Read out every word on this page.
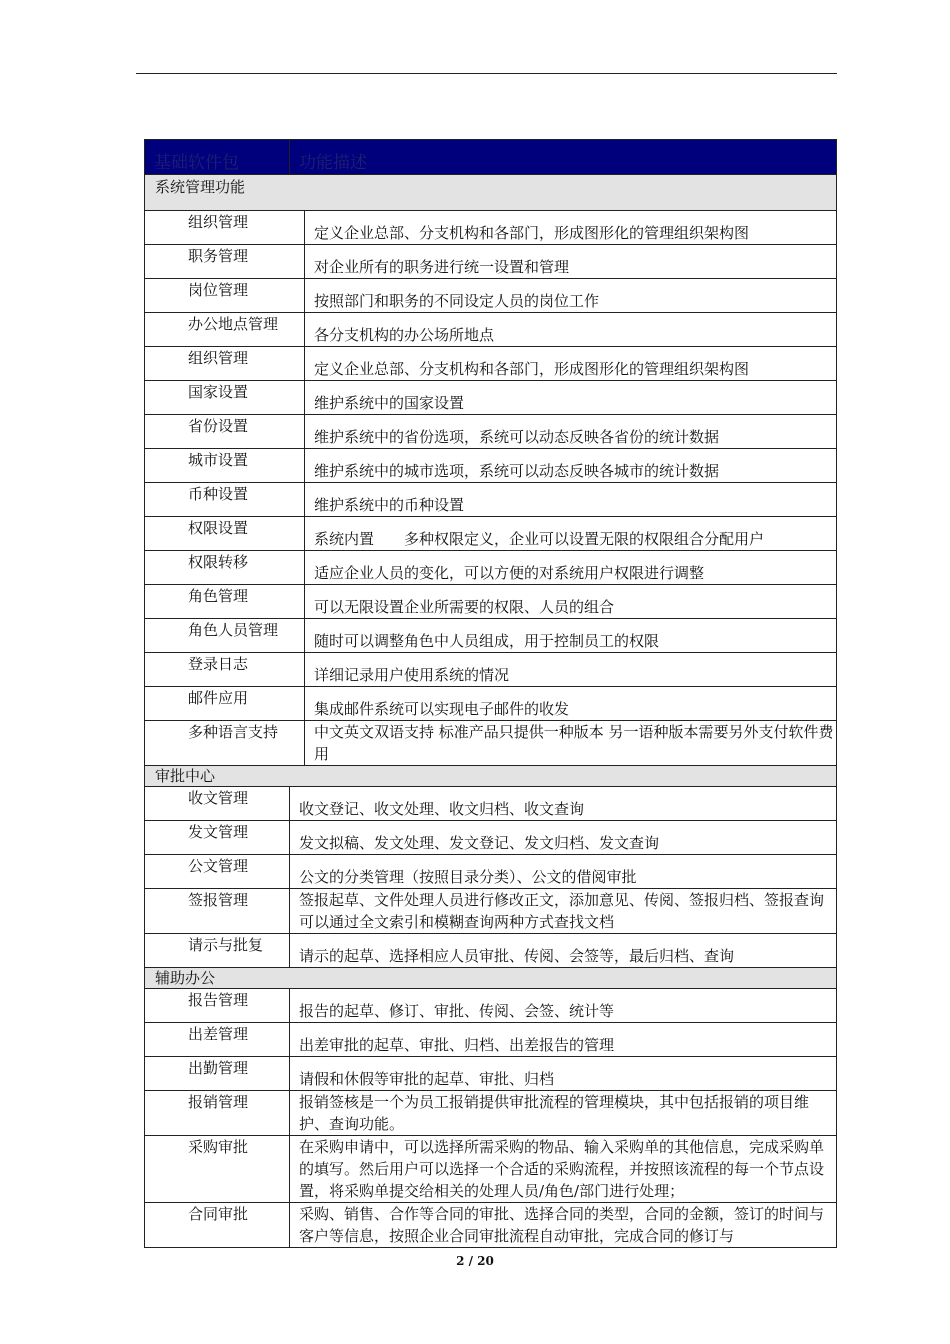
基础软件包	功能描述	
系统管理功能		
组织管理		定义企业总部、分支机构和各部门，形成图形化的管理组织架构图
职务管理		对企业所有的职务进行统一设置和管理
岗位管理		按照部门和职务的不同设定人员的岗位工作
办公地点管理		各分支机构的办公场所地点
组织管理		定义企业总部、分支机构和各部门，形成图形化的管理组织架构图
国家设置		维护系统中的国家设置
省份设置		维护系统中的省份选项，系统可以动态反映各省份的统计数据
城市设置		维护系统中的城市选项，系统可以动态反映各城市的统计数据
币种设置		维护系统中的币种设置
权限设置		系统内置　　多种权限定义，企业可以设置无限的权限组合分配用户
权限转移		适应企业人员的变化，可以方便的对系统用户权限进行调整
角色管理		可以无限设置企业所需要的权限、人员的组合
角色人员管理		随时可以调整角色中人员组成，用于控制员工的权限
登录日志		详细记录用户使用系统的情况
邮件应用		集成邮件系统可以实现电子邮件的收发
多种语言支持		中文英文双语支持 标准产品只提供一种版本 另一语种版本需要另外支付软件费用
审批中心		
收文管理	收文登记、收文处理、收文归档、收文查询	
发文管理	发文拟稿、发文处理、发文登记、发文归档、发文查询	
公文管理	公文的分类管理（按照目录分类）、公文的借阅审批	
签报管理	签报起草、文件处理人员进行修改正文，添加意见、传阅、签报归档、签报查询　可以通过全文索引和模糊查询两种方式查找文档	
请示与批复	请示的起草、选择相应人员审批、传阅、会签等，最后归档、查询	
辅助办公		
报告管理	报告的起草、修订、审批、传阅、会签、统计等	
出差管理	出差审批的起草、审批、归档、出差报告的管理	
出勤管理	请假和休假等审批的起草、审批、归档	
报销管理	报销签核是一个为员工报销提供审批流程的管理模块，其中包括报销的项目维护、查询功能。	
采购审批	在采购申请中，可以选择所需采购的物品、输入采购单的其他信息，完成采购单的填写。然后用户可以选择一个合适的采购流程，并按照该流程的每一个节点设置，将采购单提交给相关的处理人员/角色/部门进行处理；	
合同审批	采购、销售、合作等合同的审批、选择合同的类型，合同的金额，签订的时间与客户等信息，按照企业合同审批流程自动审批，完成合同的修订与	
2 / 20
